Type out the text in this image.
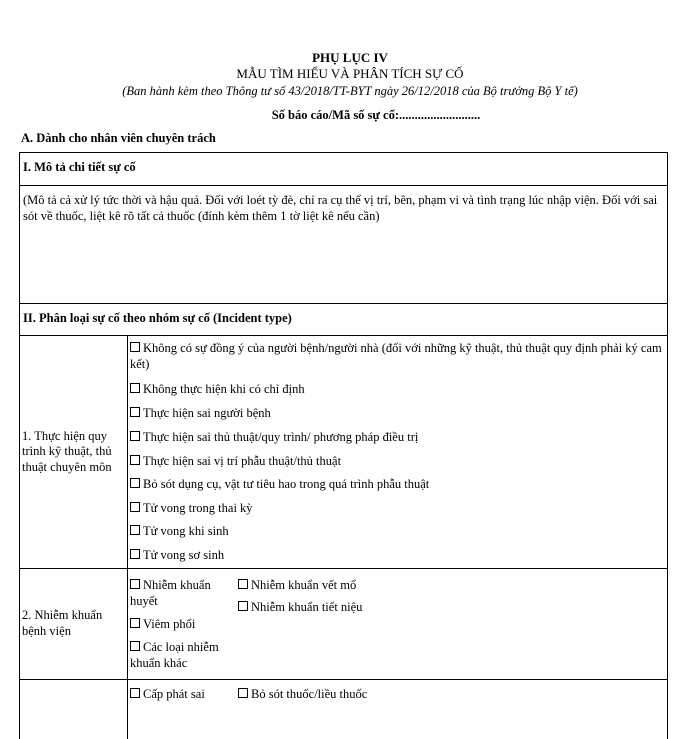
PHỤ LỤC IV
MẪU TÌM HIỂU VÀ PHÂN TÍCH SỰ CỐ
(Ban hành kèm theo Thông tư số 43/2018/TT-BYT ngày 26/12/2018 của Bộ trưởng Bộ Y tế)
Số báo cáo/Mã số sự cố:..........................
A. Dành cho nhân viên chuyên trách
I. Mô tả chi tiết sự cố
(Mô tả cả xử lý tức thời và hậu quả. Đối với loét tỳ đè, chỉ ra cụ thể vị trí, bên, phạm vi và tình trạng lúc nhập viện. Đối với sai sót về thuốc, liệt kê rõ tất cả thuốc (đính kèm thêm 1 tờ liệt kê nếu cần)
II. Phân loại sự cố theo nhóm sự cố (Incident type)
1. Thực hiện quy trình kỹ thuật, thủ thuật chuyên môn
Không có sự đồng ý của người bệnh/người nhà (đối với những kỹ thuật, thủ thuật quy định phải ký cam kết)
Không thực hiện khi có chỉ định
Thực hiện sai người bệnh
Thực hiện sai thủ thuật/quy trình/ phương pháp điều trị
Thực hiện sai vị trí phẫu thuật/thủ thuật
Bỏ sót dụng cụ, vật tư tiêu hao trong quá trình phẫu thuật
Tử vong trong thai kỳ
Tử vong khi sinh
Tử vong sơ sinh
2. Nhiễm khuẩn bệnh viện
Nhiễm khuẩn huyết
Viêm phổi
Các loại nhiễm khuẩn khác
Nhiễm khuẩn vết mổ
Nhiễm khuẩn tiết niệu
Cấp phát sai	Bỏ sót thuốc/liều thuốc
